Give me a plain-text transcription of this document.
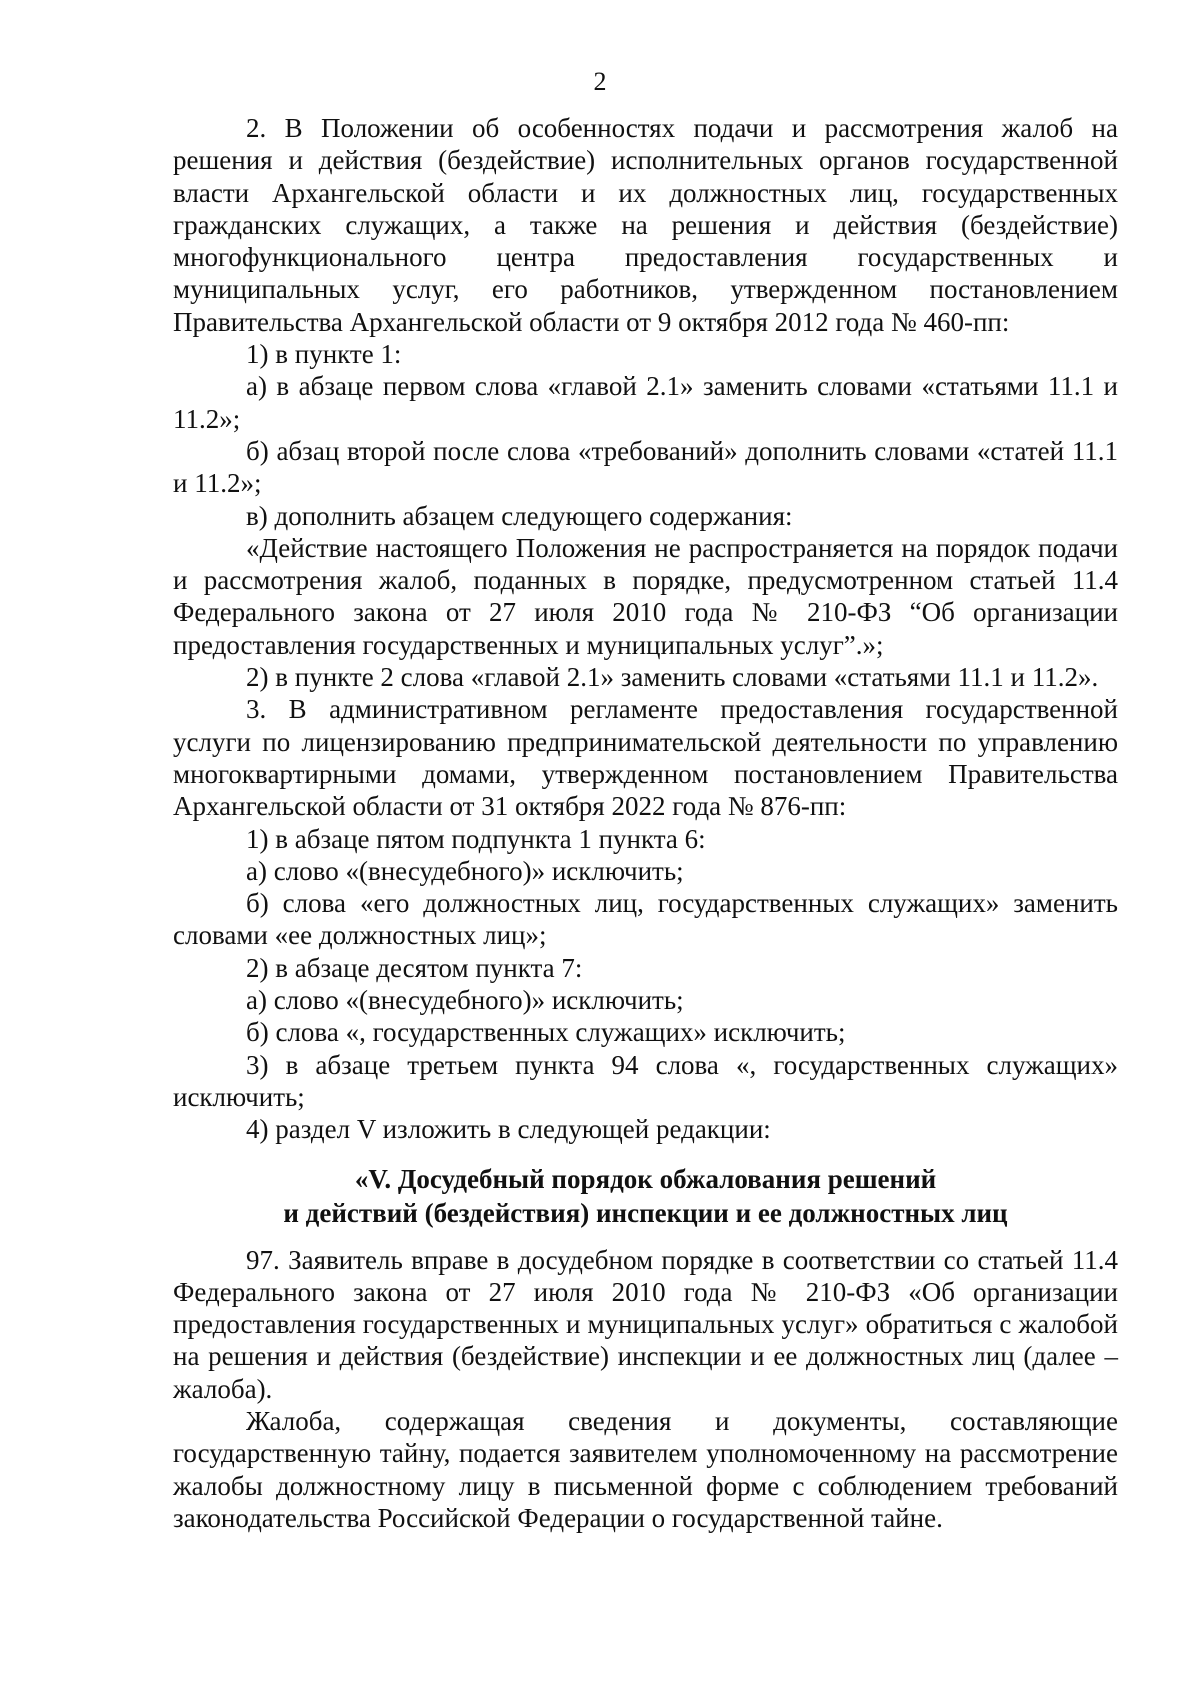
2

2. В Положении об особенностях подачи и рассмотрения жалоб на решения и действия (бездействие) исполнительных органов государственной власти Архангельской области и их должностных лиц, государственных гражданских служащих, а также на решения и действия (бездействие) многофункционального центра предоставления государственных и муниципальных услуг, его работников, утвержденном постановлением Правительства Архангельской области от 9 октября 2012 года № 460-пп:

1) в пункте 1:

а) в абзаце первом слова «главой 2.1» заменить словами «статьями 11.1 и 11.2»;

б) абзац второй после слова «требований» дополнить словами «статей 11.1 и 11.2»;

в) дополнить абзацем следующего содержания:

«Действие настоящего Положения не распространяется на порядок подачи и рассмотрения жалоб, поданных в порядке, предусмотренном статьей 11.4 Федерального закона от 27 июля 2010 года № 210-ФЗ “Об организации предоставления государственных и муниципальных услуг”.»;

2) в пункте 2 слова «главой 2.1» заменить словами «статьями 11.1 и 11.2».

3. В административном регламенте предоставления государственной услуги по лицензированию предпринимательской деятельности по управлению многоквартирными домами, утвержденном постановлением Правительства Архангельской области от 31 октября 2022 года № 876-пп:

1) в абзаце пятом подпункта 1 пункта 6:

а) слово «(внесудебного)» исключить;

б) слова «его должностных лиц, государственных служащих» заменить словами «ее должностных лиц»;

2) в абзаце десятом пункта 7:

а) слово «(внесудебного)» исключить;

б) слова «, государственных служащих» исключить;

3) в абзаце третьем пункта 94 слова «, государственных служащих» исключить;

4) раздел V изложить в следующей редакции:

«V. Досудебный порядок обжалования решений
и действий (бездействия) инспекции и ее должностных лиц

97. Заявитель вправе в досудебном порядке в соответствии со статьей 11.4 Федерального закона от 27 июля 2010 года № 210-ФЗ «Об организации предоставления государственных и муниципальных услуг» обратиться с жалобой на решения и действия (бездействие) инспекции и ее должностных лиц (далее – жалоба).

Жалоба, содержащая сведения и документы, составляющие государственную тайну, подается заявителем уполномоченному на рассмотрение жалобы должностному лицу в письменной форме с соблюдением требований законодательства Российской Федерации о государственной тайне.
